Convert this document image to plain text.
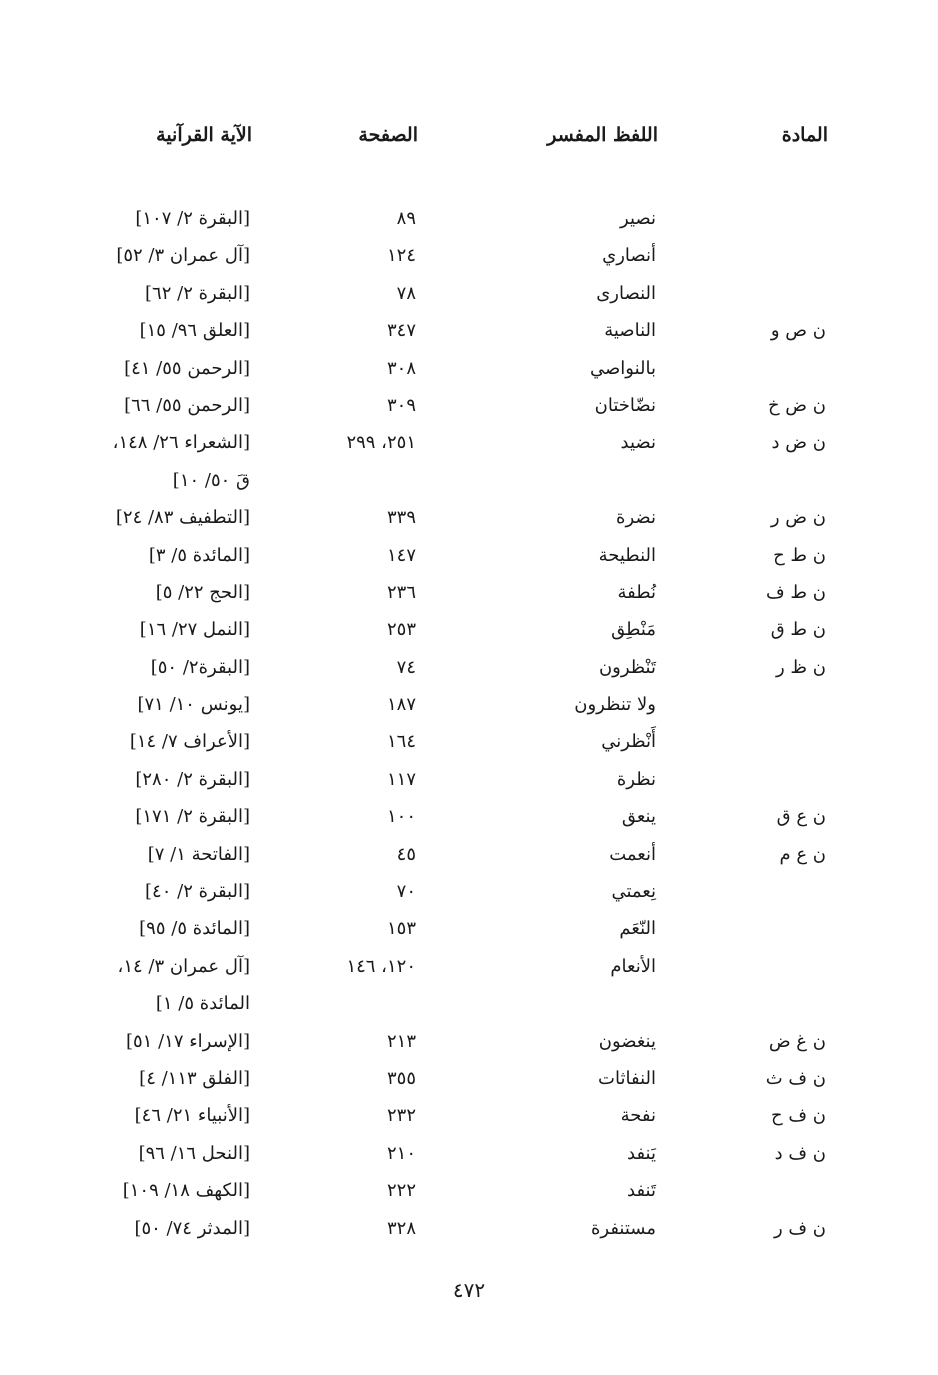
المادة
اللفظ المفسر
الصفحة
الآية القرآنية
نصير
٨٩
[البقرة ٢/ ١٠٧]
أنصاري
١٢٤
[آل عمران ٣/ ٥٢]
النصارى
٧٨
[البقرة ٢/ ٦٢]
ن ص و
الناصية
٣٤٧
[العلق ٩٦/ ١٥]
بالنواصي
٣٠٨
[الرحمن ٥٥/ ٤١]
ن ض خ
نضّاختان
٣٠٩
[الرحمن ٥٥/ ٦٦]
ن ض د
نضيد
٢٥١، ٢٩٩
[الشعراء ٢٦/ ١٤٨،
قَ ٥٠/ ١٠]
ن ض ر
نضرة
٣٣٩
[التطفيف ٨٣/ ٢٤]
ن ط ح
النطيحة
١٤٧
[المائدة ٥/ ٣]
ن ط ف
نُطفة
٢٣٦
[الحج ٢٢/ ٥]
ن ط ق
مَنْطِق
٢٥٣
[النمل ٢٧/ ١٦]
ن ظ ر
تَنْظرون
٧٤
[البقرة٢/ ٥٠]
ولا تنظرون
١٨٧
[يونس ١٠/ ٧١]
أَنْظرني
١٦٤
[الأعراف ٧/ ١٤]
نظرة
١١٧
[البقرة ٢/ ٢٨٠]
ن ع ق
ينعق
١٠٠
[البقرة ٢/ ١٧١]
ن ع م
أنعمت
٤٥
[الفاتحة ١/ ٧]
نِعمتي
٧٠
[البقرة ٢/ ٤٠]
النّعَم
١٥٣
[المائدة ٥/ ٩٥]
الأنعام
١٢٠، ١٤٦
[آل عمران ٣/ ١٤،
المائدة ٥/ ١]
ن غ ض
ينغضون
٢١٣
[الإسراء ١٧/ ٥١]
ن ف ث
النفاثات
٣٥٥
[الفلق ١١٣/ ٤]
ن ف ح
نفحة
٢٣٢
[الأنبياء ٢١/ ٤٦]
ن ف د
يَنفد
٢١٠
[النحل ١٦/ ٩٦]
تَنفد
٢٢٢
[الكهف ١٨/ ١٠٩]
ن ف ر
مستنفرة
٣٢٨
[المدثر ٧٤/ ٥٠]
٤٧٢
